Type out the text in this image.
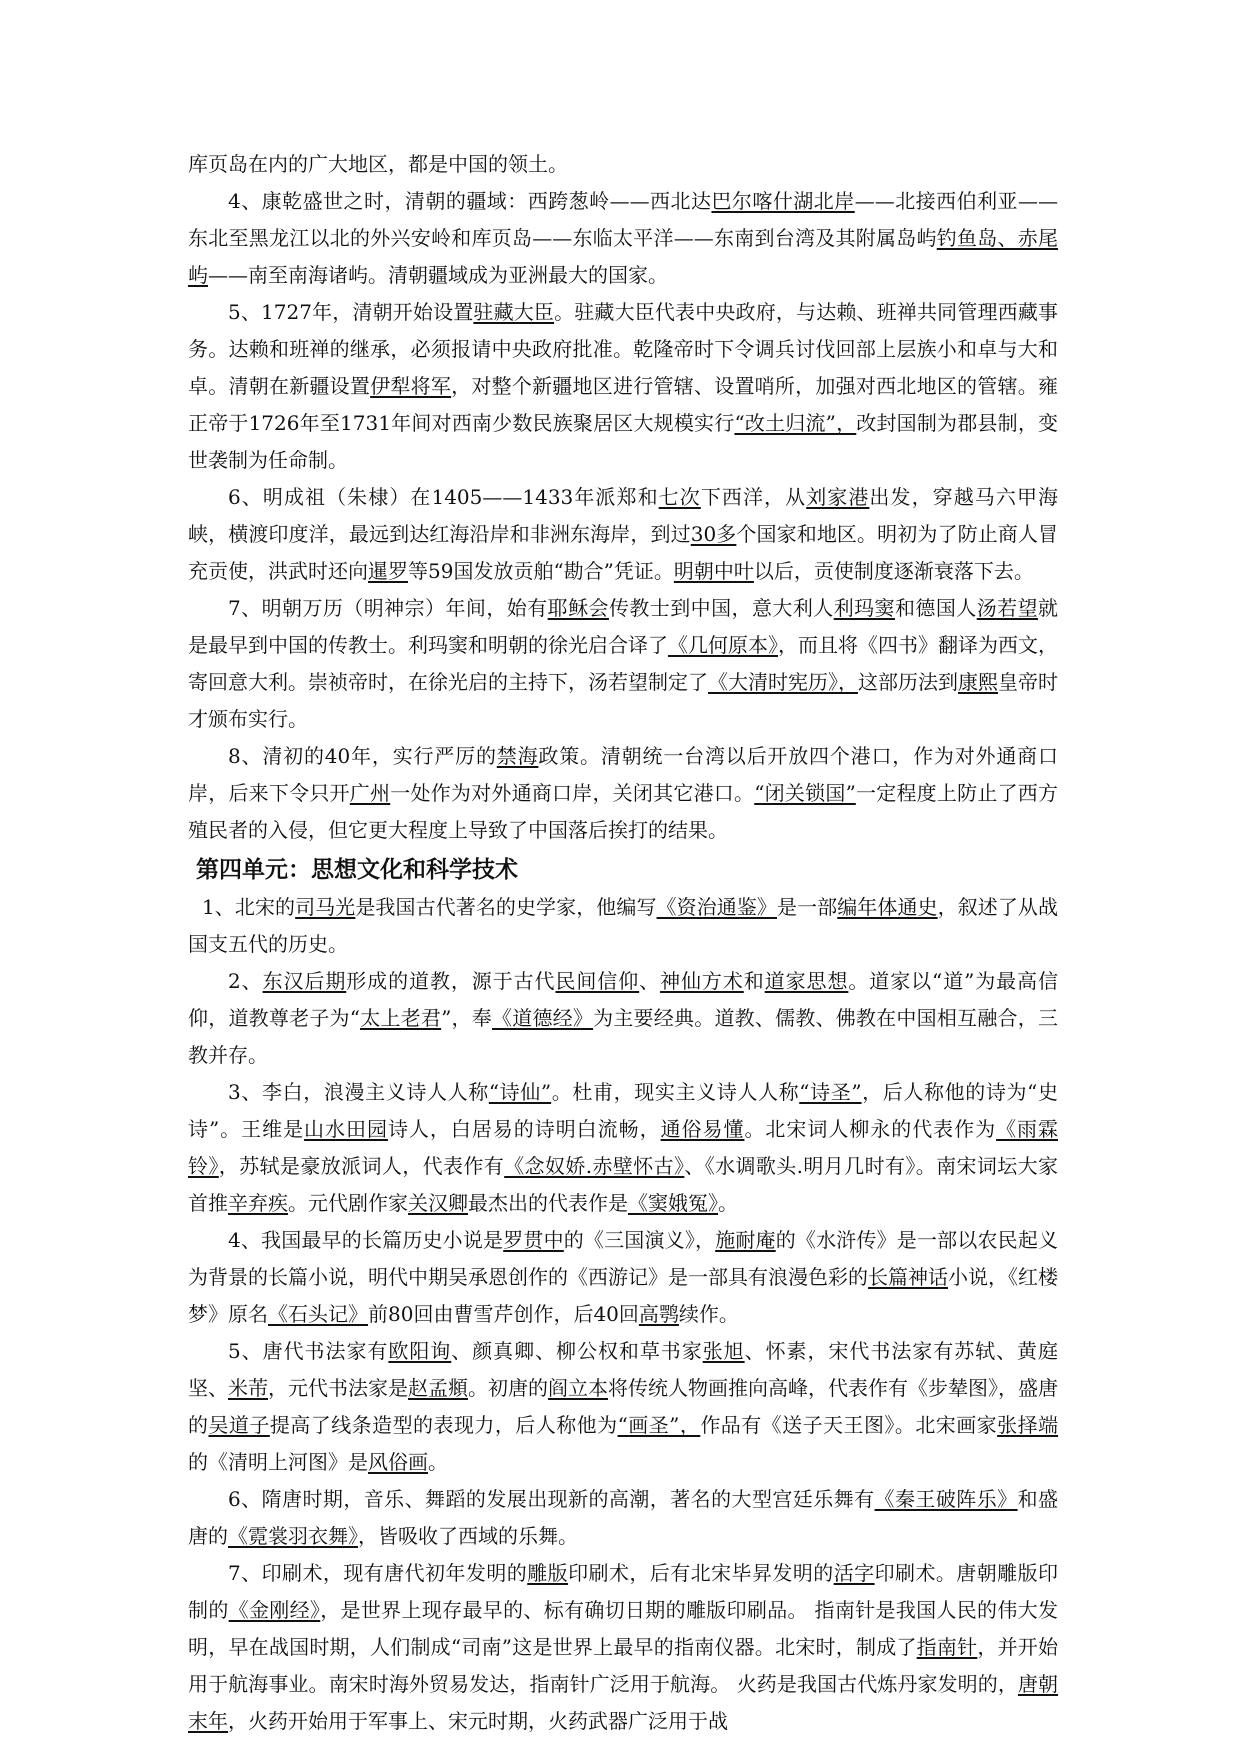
库页岛在内的广大地区，都是中国的领土。

4、康乾盛世之时，清朝的疆域：西跨葱岭——西北达巴尔喀什湖北岸——北接西伯利亚——东北至黑龙江以北的外兴安岭和库页岛——东临太平洋——东南到台湾及其附属岛屿钓鱼岛、赤尾屿——南至南海诸屿。清朝疆域成为亚洲最大的国家。

5、1727年，清朝开始设置驻藏大臣。驻藏大臣代表中央政府，与达赖、班禅共同管理西藏事务。达赖和班禅的继承，必须报请中央政府批准。乾隆帝时下令调兵讨伐回部上层族小和卓与大和卓。清朝在新疆设置伊犁将军，对整个新疆地区进行管辖、设置哨所，加强对西北地区的管辖。雍正帝于1726年至1731年间对西南少数民族聚居区大规模实行“改土归流”，改封国制为郡县制，变世袭制为任命制。

6、明成祖（朱棣）在1405——1433年派郑和七次下西洋，从刘家港出发，穿越马六甲海峡，横渡印度洋，最远到达红海沿岸和非洲东海岸，到过30多个国家和地区。明初为了防止商人冒充贡使，洪武时还向暹罗等59国发放贡舶“勘合”凭证。明朝中叶以后，贡使制度逐渐衰落下去。

7、明朝万历（明神宗）年间，始有耶稣会传教士到中国，意大利人利玛窦和德国人汤若望就是最早到中国的传教士。利玛窦和明朝的徐光启合译了《几何原本》，而且将《四书》翻译为西文，寄回意大利。崇祯帝时，在徐光启的主持下，汤若望制定了《大清时宪历》，这部历法到康熙皇帝时才颁布实行。

8、清初的40年，实行严厉的禁海政策。清朝统一台湾以后开放四个港口，作为对外通商口岸，后来下令只开广州一处作为对外通商口岸，关闭其它港口。“闭关锁国”一定程度上防止了西方殖民者的入侵，但它更大程度上导致了中国落后挨打的结果。

第四单元：思想文化和科学技术

1、北宋的司马光是我国古代著名的史学家，他编写《资治通鉴》是一部编年体通史，叙述了从战国支五代的历史。

2、东汉后期形成的道教，源于古代民间信仰、神仙方术和道家思想。道家以“道”为最高信仰，道教尊老子为“太上老君”，奉《道德经》为主要经典。道教、儒教、佛教在中国相互融合，三教并存。

3、李白，浪漫主义诗人人称“诗仙”。杜甫，现实主义诗人人称“诗圣”，后人称他的诗为“史诗”。王维是山水田园诗人，白居易的诗明白流畅，通俗易懂。北宋词人柳永的代表作为《雨霖铃》，苏轼是豪放派词人，代表作有《念奴娇.赤壁怀古》、《水调歌头.明月几时有》。南宋词坛大家首推辛弃疾。元代剧作家关汉卿最杰出的代表作是《窦娥冤》。

4、我国最早的长篇历史小说是罗贯中的《三国演义》，施耐庵的《水浒传》是一部以农民起义为背景的长篇小说，明代中期吴承恩创作的《西游记》是一部具有浪漫色彩的长篇神话小说，《红楼梦》原名《石头记》前80回由曹雪芹创作，后40回高鹗续作。

5、唐代书法家有欧阳询、颜真卿、柳公权和草书家张旭、怀素，宋代书法家有苏轼、黄庭坚、米芾，元代书法家是赵孟頫。初唐的阎立本将传统人物画推向高峰，代表作有《步辇图》，盛唐的吴道子提高了线条造型的表现力，后人称他为“画圣”，作品有《送子天王图》。北宋画家张择端的《清明上河图》是风俗画。

6、隋唐时期，音乐、舞蹈的发展出现新的高潮，著名的大型宫廷乐舞有《秦王破阵乐》和盛唐的《霓裳羽衣舞》，皆吸收了西域的乐舞。

7、印刷术，现有唐代初年发明的雕版印刷术，后有北宋毕昇发明的活字印刷术。唐朝雕版印制的《金刚经》，是世界上现存最早的、标有确切日期的雕版印刷品。 指南针是我国人民的伟大发明，早在战国时期，人们制成“司南”这是世界上最早的指南仪器。北宋时，制成了指南针，并开始用于航海事业。南宋时海外贸易发达，指南针广泛用于航海。 火药是我国古代炼丹家发明的，唐朝末年，火药开始用于军事上、宋元时期，火药武器广泛用于战
